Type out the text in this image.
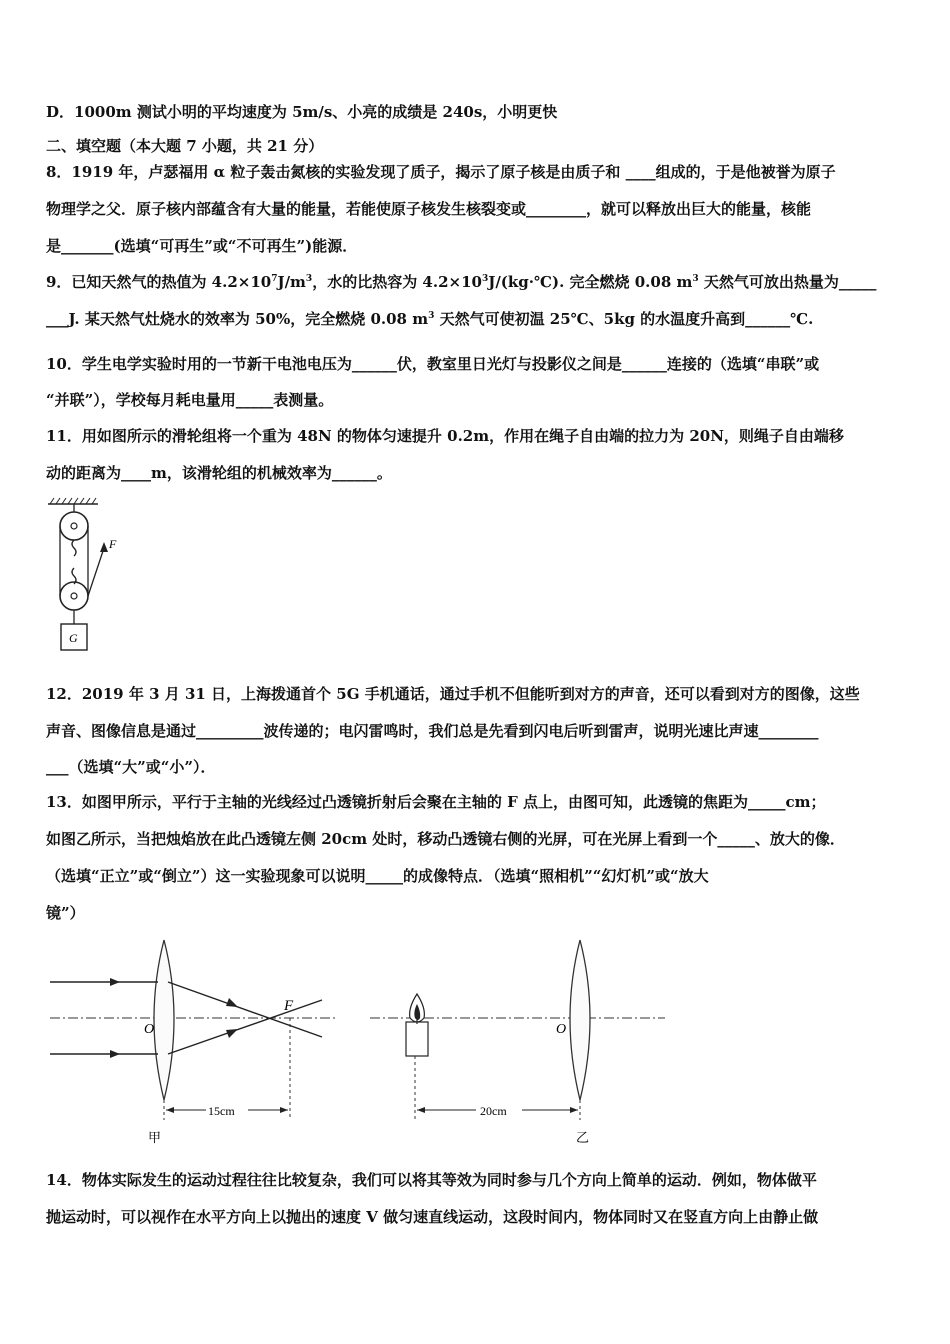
D．1000m 测试小明的平均速度为 5m/s、小亮的成绩是 240s，小明更快
二、填空题（本大题 7 小题，共 21 分）
8．1919 年，卢瑟福用 α 粒子轰击氮核的实验发现了质子，揭示了原子核是由质子和 ____组成的，于是他被誉为原子
物理学之父．原子核内部蕴含有大量的能量，若能使原子核发生核裂变或________，就可以释放出巨大的能量，核能
是_______(选填“可再生”或“不可再生”)能源．
9．已知天然气的热值为 $4.2\times 10^7J/m^3$，水的比热容为 $4.2\times 10^3J/(kg\cdot℃)$. 完全燃烧 0.08 $m^3$ 天然气可放出热量为_____
___J. 某天然气灶烧水的效率为 50%，完全燃烧 0.08 $m^3$ 天然气可使初温 25℃、5kg 的水温度升高到______℃.
10．学生电学实验时用的一节新干电池电压为______伏，教室里日光灯与投影仪之间是______连接的（选填“串联”或
“并联”），学校每月耗电量用_____表测量。
11．用如图所示的滑轮组将一个重为 48N 的物体匀速提升 0.2m，作用在绳子自由端的拉力为 20N，则绳子自由端移
动的距离为____m，该滑轮组的机械效率为______。
F
G
12．2019 年 3 月 31 日，上海拨通首个 5G 手机通话，通过手机不但能听到对方的声音，还可以看到对方的图像，这些
声音、图像信息是通过_________波传递的；电闪雷鸣时，我们总是先看到闪电后听到雷声，说明光速比声速________
___（选填“大”或“小”）．
13．如图甲所示，平行于主轴的光线经过凸透镜折射后会聚在主轴的 F 点上，由图可知，此透镜的焦距为_____cm；
如图乙所示，当把烛焰放在此凸透镜左侧 20cm 处时，移动凸透镜右侧的光屏，可在光屏上看到一个_____、放大的像．
（选填“正立”或“倒立”）这一实验现象可以说明_____的成像特点．（选填“照相机”“幻灯机”或“放大
镜”）
F
O
15cm
甲
O
20cm
乙
14．物体实际发生的运动过程往往比较复杂，我们可以将其等效为同时参与几个方向上简单的运动．例如，物体做平
抛运动时，可以视作在水平方向上以抛出的速度 V 做匀速直线运动，这段时间内，物体同时又在竖直方向上由静止做
